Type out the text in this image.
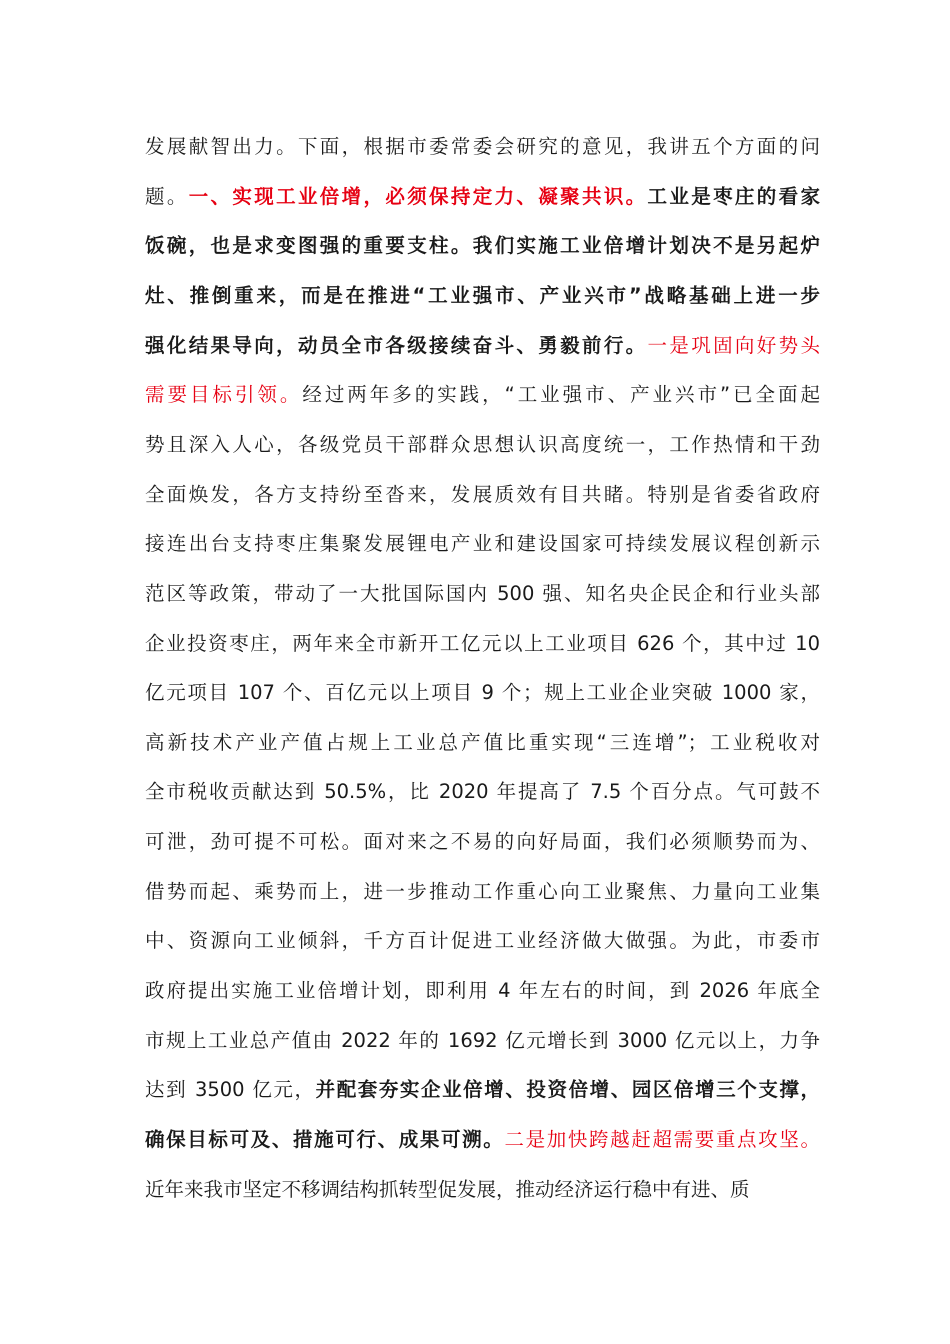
发展献智出力。下面，根据市委常委会研究的意见，我讲五个方面的问
题。一、实现工业倍增，必须保持定力、凝聚共识。工业是枣庄的看家
饭碗，也是求变图强的重要支柱。我们实施工业倍增计划决不是另起炉
灶、推倒重来，而是在推进“工业强市、产业兴市”战略基础上进一步
强化结果导向，动员全市各级接续奋斗、勇毅前行。一是巩固向好势头
需要目标引领。经过两年多的实践，“工业强市、产业兴市”已全面起
势且深入人心，各级党员干部群众思想认识高度统一，工作热情和干劲
全面焕发，各方支持纷至沓来，发展质效有目共睹。特别是省委省政府
接连出台支持枣庄集聚发展锂电产业和建设国家可持续发展议程创新示
范区等政策，带动了一大批国际国内 500 强、知名央企民企和行业头部
企业投资枣庄，两年来全市新开工亿元以上工业项目 626 个，其中过 10
亿元项目 107 个、百亿元以上项目 9 个；规上工业企业突破 1000 家，
高新技术产业产值占规上工业总产值比重实现“三连增”；工业税收对
全市税收贡献达到 50.5%，比 2020 年提高了 7.5 个百分点。气可鼓不
可泄，劲可提不可松。面对来之不易的向好局面，我们必须顺势而为、
借势而起、乘势而上，进一步推动工作重心向工业聚焦、力量向工业集
中、资源向工业倾斜，千方百计促进工业经济做大做强。为此，市委市
政府提出实施工业倍增计划，即利用 4 年左右的时间，到 2026 年底全
市规上工业总产值由 2022 年的 1692 亿元增长到 3000 亿元以上，力争
达到 3500 亿元，并配套夯实企业倍增、投资倍增、园区倍增三个支撑，
确保目标可及、措施可行、成果可溯。二是加快跨越赶超需要重点攻坚。
近年来我市坚定不移调结构抓转型促发展，推动经济运行稳中有进、质
